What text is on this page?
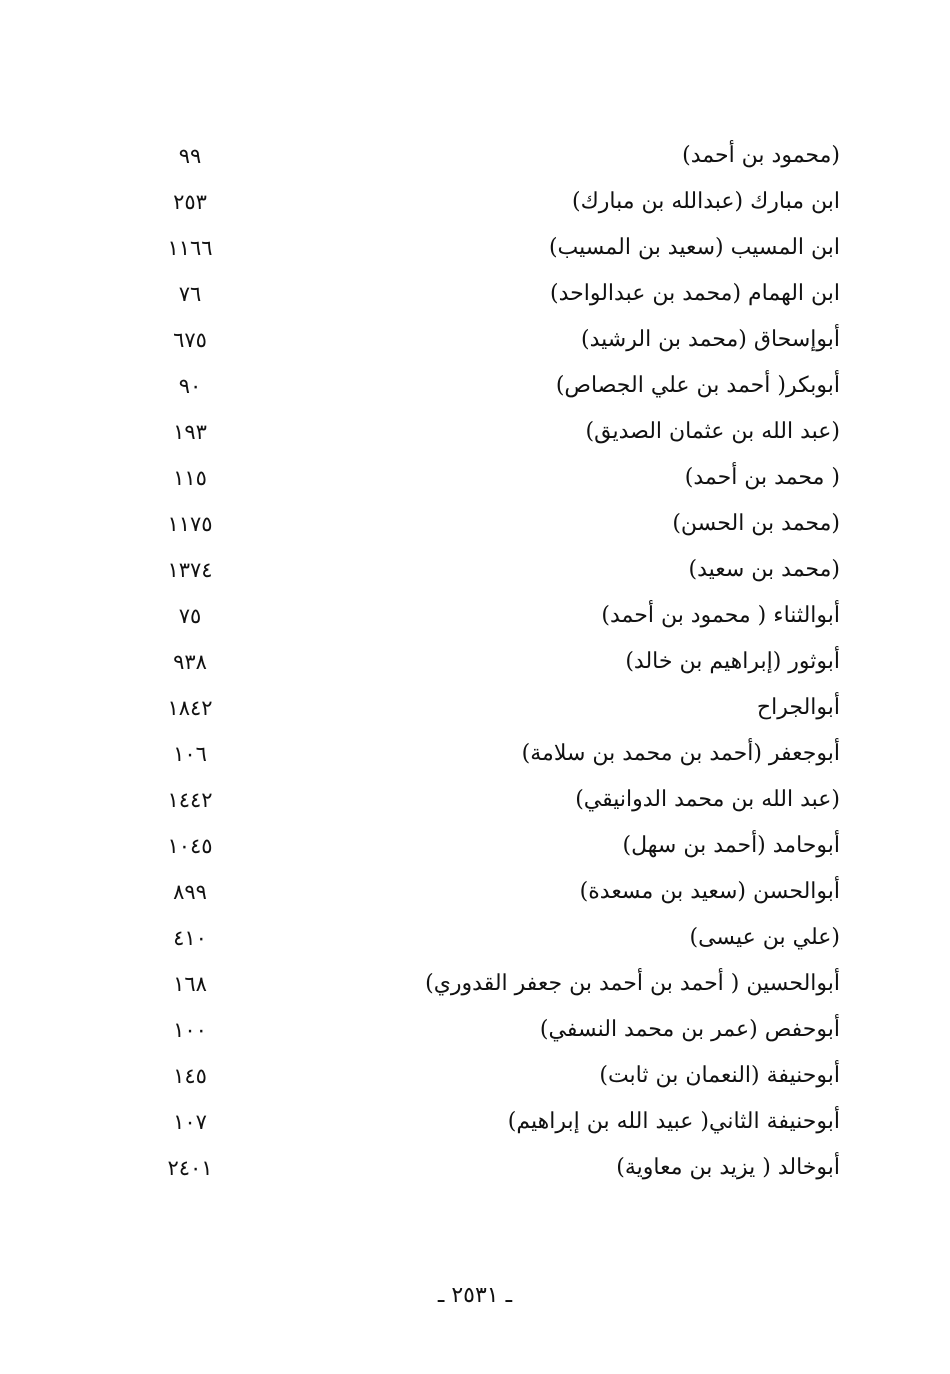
(محمود بن أحمد)
٩٩
ابن مبارك (عبدالله بن مبارك)
٢٥٣
ابن المسيب (سعيد بن المسيب)
١١٦٦
ابن الهمام (محمد بن عبدالواحد)
٧٦
أبوإسحاق (محمد بن الرشيد)
٦٧٥
أبوبكر( أحمد بن علي الجصاص)
٩٠
(عبد الله بن عثمان الصديق)
١٩٣
( محمد بن أحمد)
١١٥
(محمد بن الحسن)
١١٧٥
(محمد بن سعيد)
١٣٧٤
أبوالثناء ( محمود بن أحمد)
٧٥
أبوثور (إبراهيم بن خالد)
٩٣٨
أبوالجراح
١٨٤٢
أبوجعفر (أحمد بن محمد بن سلامة)
١٠٦
(عبد الله بن محمد الدوانيقي)
١٤٤٢
أبوحامد (أحمد بن سهل)
١٠٤٥
أبوالحسن (سعيد بن مسعدة)
٨٩٩
(علي بن عيسى)
٤١٠
أبوالحسين ( أحمد بن أحمد بن جعفر القدوري)
١٦٨
أبوحفص (عمر بن محمد النسفي)
١٠٠
أبوحنيفة (النعمان بن ثابت)
١٤٥
أبوحنيفة الثاني( عبيد الله بن إبراهيم)
١٠٧
أبوخالد ( يزيد بن معاوية)
٢٤٠١
ـ ٢٥٣١ ـ
